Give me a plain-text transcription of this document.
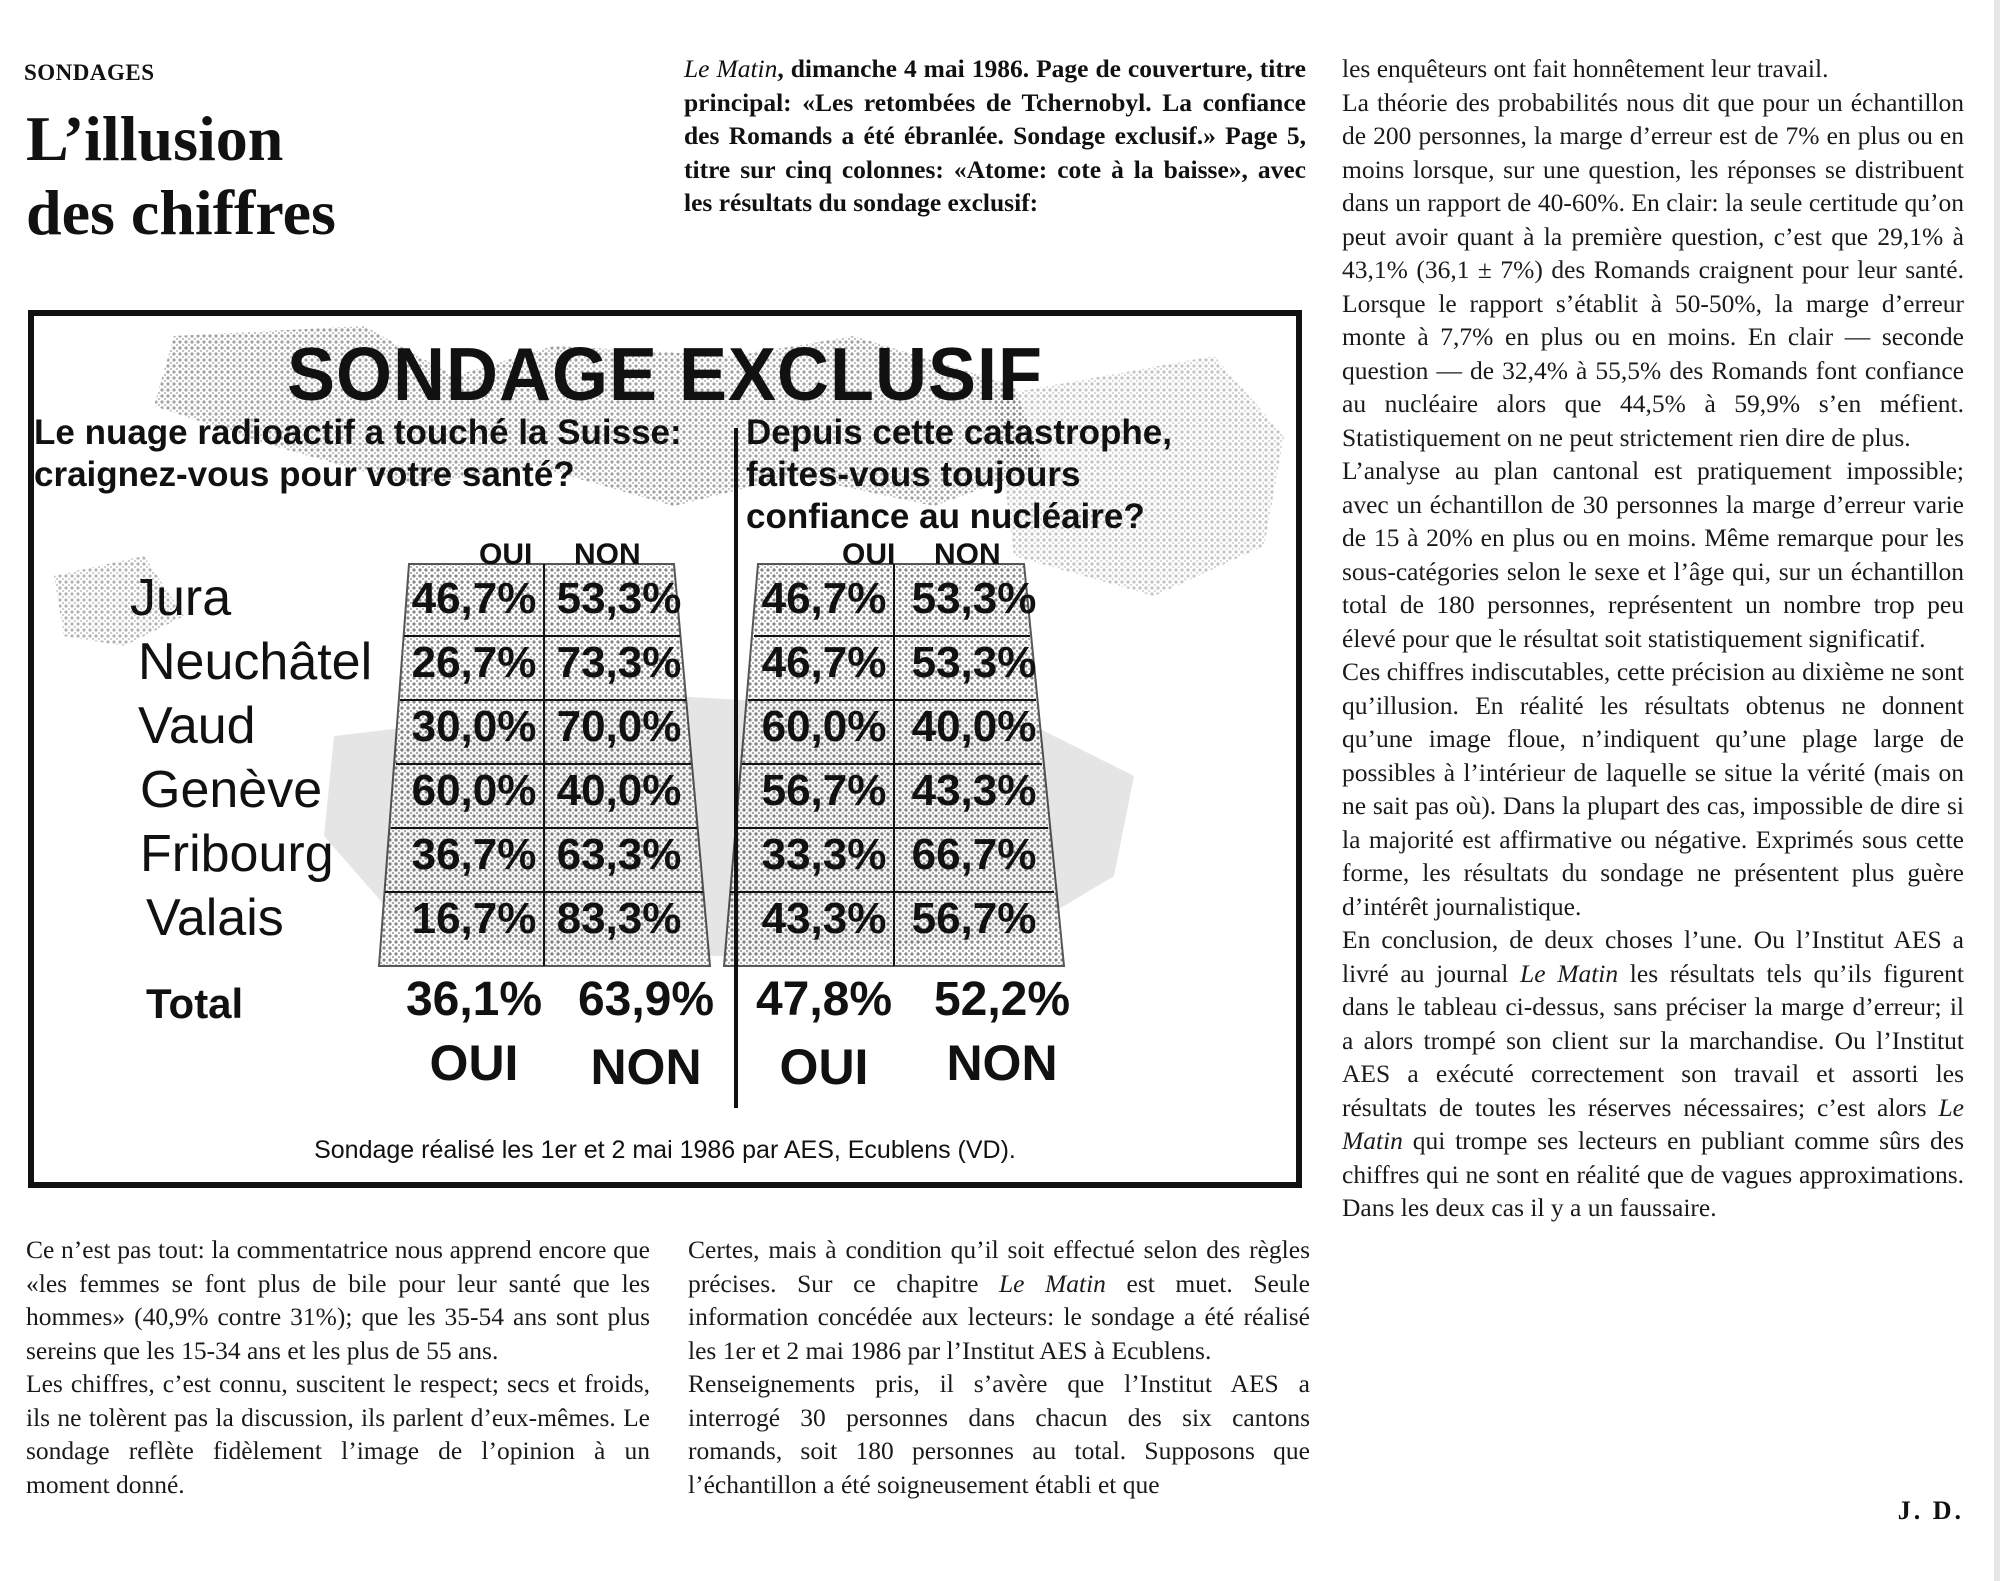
SONDAGES
L’illusion
des chiffres
Le Matin, dimanche 4 mai 1986. Page de couverture, titre principal: «Les retombées de Tchernobyl. La confiance des Romands a été ébranlée. Sondage exclusif.» Page 5, titre sur cinq colonnes: «Atome: cote à la baisse», avec les résultats du sondage exclusif:

les enquêteurs ont fait honnêtement leur travail.

La théorie des probabilités nous dit que pour un échantillon de 200 personnes, la marge d’erreur est de 7% en plus ou en moins lorsque, sur une question, les réponses se distribuent dans un rapport de 40-60%. En clair: la seule certitude qu’on peut avoir quant à la première question, c’est que 29,1% à 43,1% (36,1 ± 7%) des Romands craignent pour leur santé. Lorsque le rapport s’établit à 50-50%, la marge d’erreur monte à 7,7% en plus ou en moins. En clair — seconde question — de 32,4% à 55,5% des Romands font confiance au nucléaire alors que 44,5% à 59,9% s’en méfient. Statistiquement on ne peut strictement rien dire de plus.

L’analyse au plan cantonal est pratiquement impossible; avec un échantillon de 30 personnes la marge d’erreur varie de 15 à 20% en plus ou en moins. Même remarque pour les sous-catégories selon le sexe et l’âge qui, sur un échantillon total de 180 personnes, représentent un nombre trop peu élevé pour que le résultat soit statistiquement significatif.

Ces chiffres indiscutables, cette précision au dixième ne sont qu’illusion. En réalité les résultats obtenus ne donnent qu’une image floue, n’indiquent qu’une plage large de possibles à l’intérieur de laquelle se situe la vérité (mais on ne sait pas où). Dans la plupart des cas, impossible de dire si la majorité est affirmative ou négative. Exprimés sous cette forme, les résultats du sondage ne présentent plus guère d’intérêt journalistique.

En conclusion, de deux choses l’une. Ou l’Institut AES a livré au journal Le Matin les résultats tels qu’ils figurent dans le tableau ci-dessus, sans préciser la marge d’erreur; il a alors trompé son client sur la marchandise. Ou l’Institut AES a exécuté correctement son travail et assorti les résultats de toutes les réserves nécessaires; c’est alors Le Matin qui trompe ses lecteurs en publiant comme sûrs des chiffres qui ne sont en réalité que de vagues approximations. Dans les deux cas il y a un faussaire.

J. D.

Ce n’est pas tout: la commentatrice nous apprend encore que «les femmes se font plus de bile pour leur santé que les hommes» (40,9% contre 31%); que les 35-54 ans sont plus sereins que les 15-34 ans et les plus de 55 ans.

Les chiffres, c’est connu, suscitent le respect; secs et froids, ils ne tolèrent pas la discussion, ils parlent d’eux-mêmes. Le sondage reflète fidèlement l’image de l’opinion à un moment donné.

Certes, mais à condition qu’il soit effectué selon des règles précises. Sur ce chapitre Le Matin est muet. Seule information concédée aux lecteurs: le sondage a été réalisé les 1er et 2 mai 1986 par l’Institut AES à Ecublens.

Renseignements pris, il s’avère que l’Institut AES a interrogé 30 personnes dans chacun des six cantons romands, soit 180 personnes au total. Supposons que l’échantillon a été soigneusement établi et que

SONDAGE EXCLUSIF
Le nuage radioactif a touché la Suisse:
craignez-vous pour votre santé?
Depuis cette catastrophe,
faites-vous toujours
confiance au nucléaire?
OUI NON	OUI NON
Jura	46,7% 53,3%	46,7% 53,3%
Neuchâtel 26,7% 73,3%	46,7% 53,3%
Vaud	30,0% 70,0%	60,0% 40,0%
Genève	60,0% 40,0%	56,7% 43,3%
Fribourg	36,7% 63,3%	33,3% 66,7%
Valais	16,7% 83,3%	43,3% 56,7%
Total	36,1% 63,9% 47,8% 52,2%
OUI	NON	OUI	NON
Sondage réalisé les 1er et 2 mai 1986 par AES, Ecublens (VD).
